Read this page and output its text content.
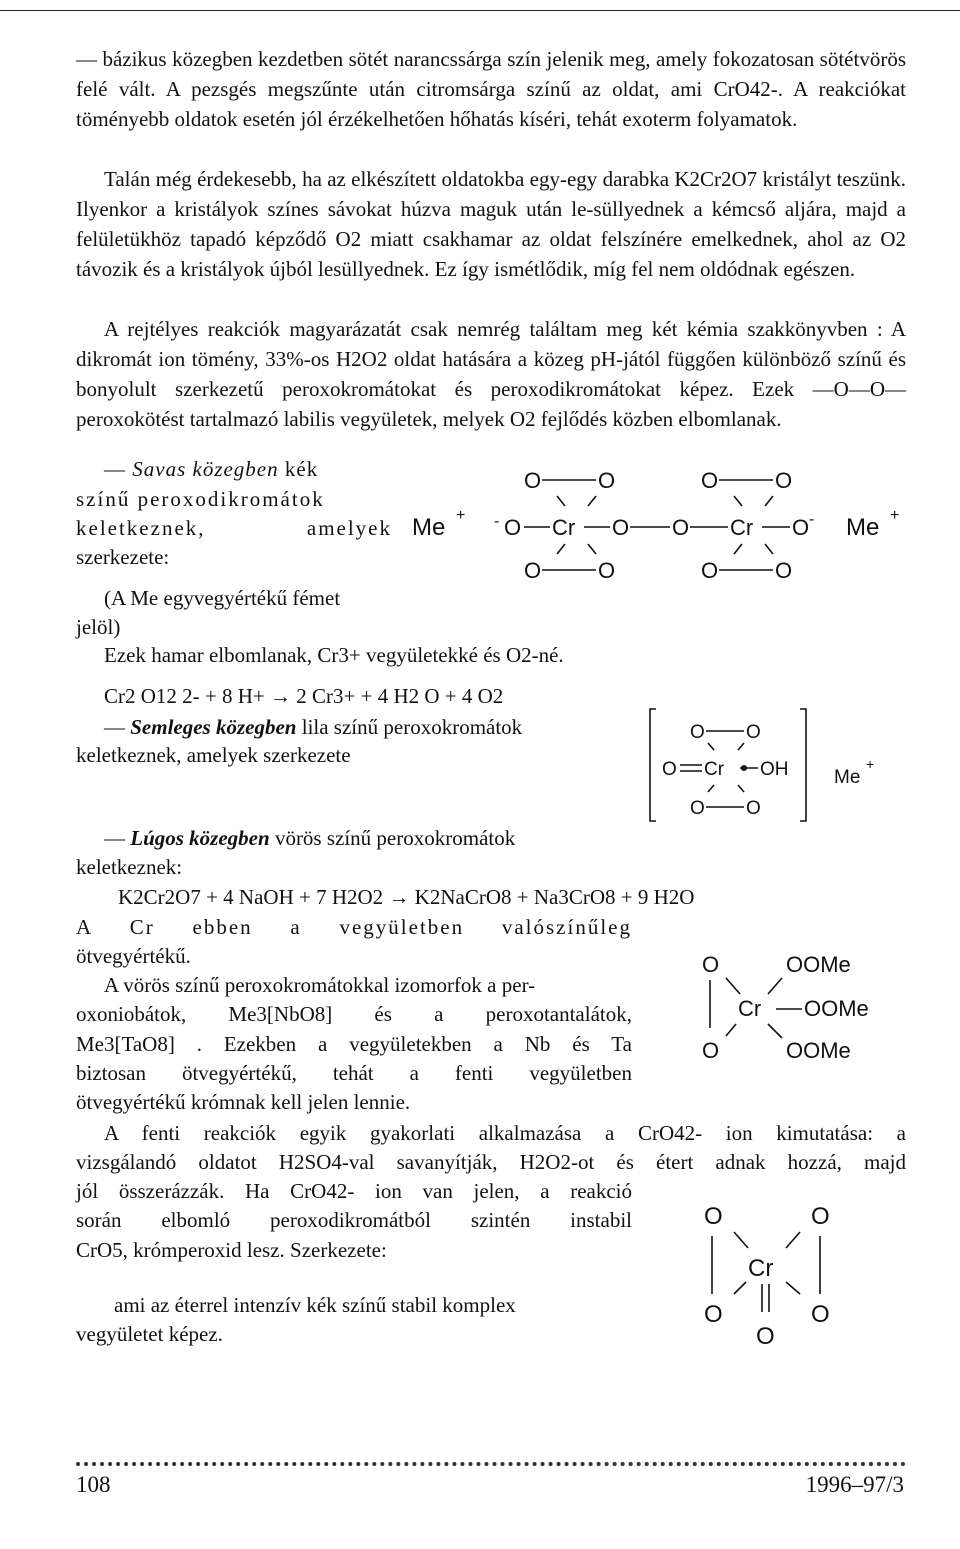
— bázikus közegben kezdetben sötét narancssárga szín jelenik meg, amely fokozatosan sötétvörös felé vált. A pezsgés megszűnte után citromsárga színű az oldat, ami CrO42-. A reakciókat töményebb oldatok esetén jól érzékelhetően hőhatás kíséri, tehát exoterm folyamatok.

Talán még érdekesebb, ha az elkészített oldatokba egy-egy darabka K2Cr2O7 kristályt teszünk. Ilyenkor a kristályok színes sávokat húzva maguk után le-süllyednek a kémcső aljára, majd a felületükhöz tapadó képződő O2 miatt csakhamar az oldat felszínére emelkednek, ahol az O2 távozik és a kristályok újból lesüllyednek. Ez így ismétlődik, míg fel nem oldódnak egészen.

A rejtélyes reakciók magyarázatát csak nemrég találtam meg két kémia szakkönyvben : A dikromát ion tömény, 33%-os H2O2 oldat hatására a közeg pH-jától függően különböző színű és bonyolult szerkezetű peroxokromátokat és peroxodikromátokat képez. Ezek —O—O— peroxokötést tartalmazó labilis vegyületek, melyek O2 fejlődés közben elbomlanak.

— Savas közegben kék
színű peroxodikromátok
keletkeznek, amelyek
szerkezete:
(A Me egyvegyértékű fémet
jelöl)
O	O	O	O
Me + - O Cr O O Cr O - Me +
O	O	O	O
Ezek hamar elbomlanak, Cr3+ vegyületekké és O2-né.
Cr2 O12 2- + 8 H+ → 2 Cr3+ + 4 H2 O + 4 O2
— Semleges közegben lila színű peroxokromátok
keletkeznek, amelyek szerkezete
O O
O Cr OH
O O
Me
+
— Lúgos közegben vörös színű peroxokromátok
keletkeznek:
K2Cr2O7 + 4 NaOH + 7 H2O2 → K2NaCrO8 + Na3CrO8 + 9 H2O
A Cr ebben a vegyületben valószínűleg
ötvegyértékű.
A vörös színű peroxokromátokkal izomorfok a per-
oxoniobátok, Me3[NbO8] és a peroxotantalátok,
Me3[TaO8] . Ezekben a vegyületekben a Nb és Ta
biztosan ötvegyértékű, tehát a fenti vegyületben
ötvegyértékű krómnak kell jelen lennie.
O	OOMe
Cr OOMe
O	OOMe
A fenti reakciók egyik gyakorlati alkalmazása a CrO42- ion kimutatása: a
vizsgálandó oldatot H2SO4-val savanyítják, H2O2-ot és étert adnak hozzá, majd
jól összerázzák. Ha CrO42- ion van jelen, a reakció
során elbomló peroxodikromátból szintén instabil
CrO5, krómperoxid lesz. Szerkezete:
ami az éterrel intenzív kék színű stabil komplex
vegyületet képez.
O	O
Cr
O	O
O
108	1996–97/3
